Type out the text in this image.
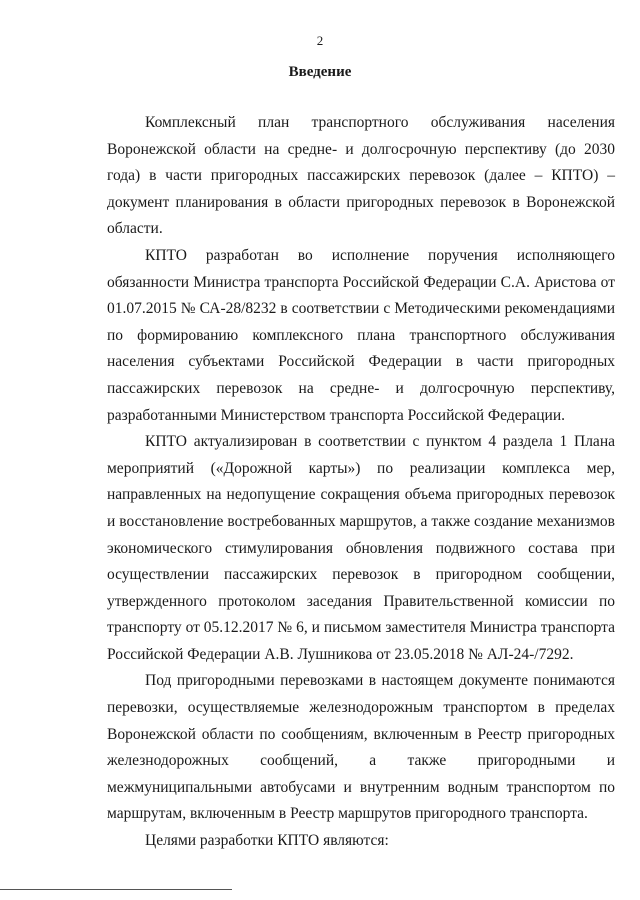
2
Введение

Комплексный план транспортного обслуживания населения Воронежской области на средне- и долгосрочную перспективу (до 2030 года) в части пригородных пассажирских перевозок (далее – КПТО) – документ планирования в области пригородных перевозок в Воронежской области.

КПТО разработан во исполнение поручения исполняющего обязанности Министра транспорта Российской Федерации С.А. Аристова от 01.07.2015 № СА-28/8232 в соответствии с Методическими рекомендациями по формированию комплексного плана транспортного обслуживания населения субъектами Российской Федерации в части пригородных пассажирских перевозок на средне- и долгосрочную перспективу, разработанными Министерством транспорта Российской Федерации.

КПТО актуализирован в соответствии с пунктом 4 раздела 1 Плана мероприятий («Дорожной карты») по реализации комплекса мер, направленных на недопущение сокращения объема пригородных перевозок и восстановление востребованных маршрутов, а также создание механизмов экономического стимулирования обновления подвижного состава при осуществлении пассажирских перевозок в пригородном сообщении, утвержденного протоколом заседания Правительственной комиссии по транспорту от 05.12.2017 № 6, и письмом заместителя Министра транспорта Российской Федерации А.В. Лушникова от 23.05.2018 № АЛ-24-/7292.

Под пригородными перевозками в настоящем документе понимаются перевозки, осуществляемые железнодорожным транспортом в пределах Воронежской области по сообщениям, включенным в Реестр пригородных железнодорожных сообщений, а также пригородными и межмуниципальными автобусами и внутренним водным транспортом по маршрутам, включенным в Реестр маршрутов пригородного транспорта.

Целями разработки КПТО являются:
